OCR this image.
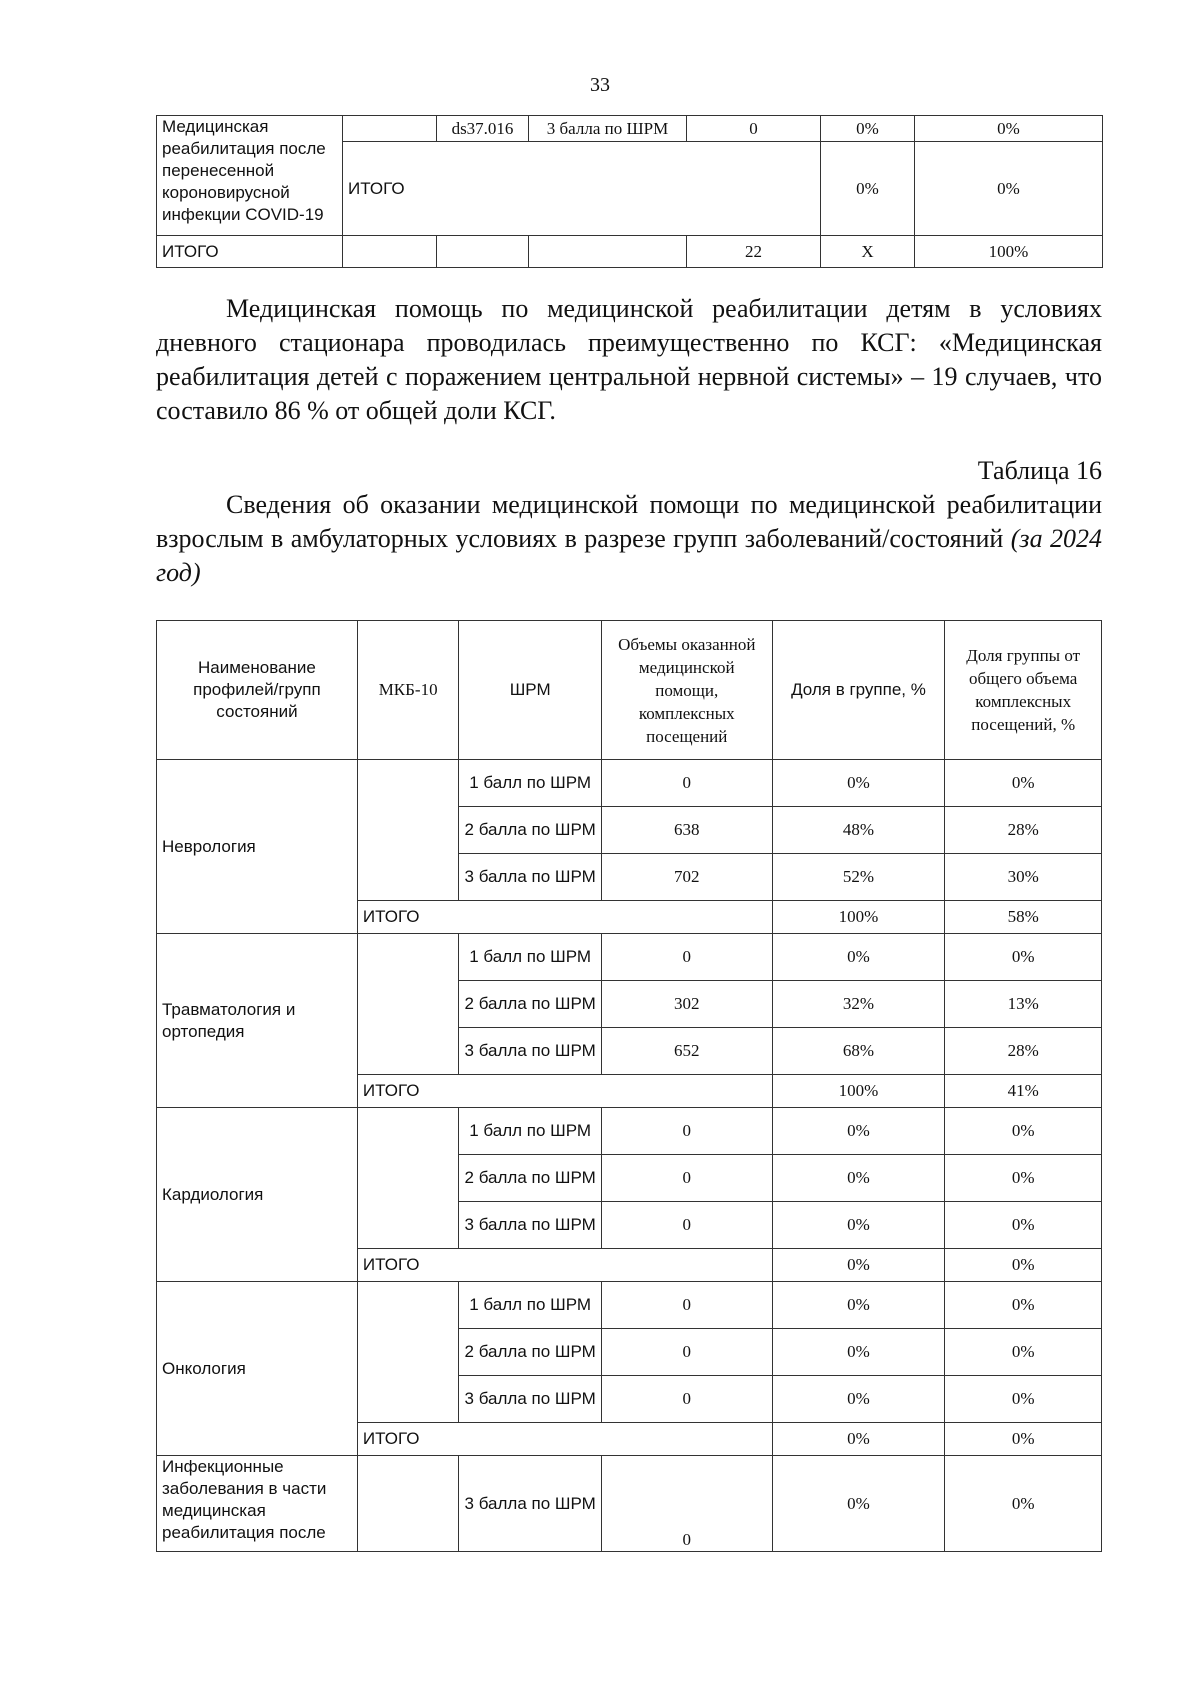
33
Медицинская реабилитация после перенесенной короновирусной инфекции COVID-19		ds37.016	3 балла по ШРМ	0	0%	0%
	ИТОГО				0%	0%
ИТОГО				22	Х	100%
Медицинская помощь по медицинской реабилитации детям в условиях дневного стационара проводилась преимущественно по КСГ: «Медицинская реабилитация детей с поражением центральной нервной системы» – 19 случаев, что составило 86 % от общей доли КСГ.
Таблица 16
Сведения об оказании медицинской помощи по медицинской реабилитации взрослым в амбулаторных условиях в разрезе групп заболеваний/состояний (за 2024 год)
Наименование профилей/групп состояний	МКБ-10	ШРМ	Объемы оказанной медицинской помощи, комплексных посещений	Доля в группе, %	Доля группы от общего объема комплексных посещений, %
Неврология		1 балл по ШРМ	0	0%	0%
		2 балла по ШРМ	638	48%	28%
		3 балла по ШРМ	702	52%	30%
	ИТОГО			100%	58%
Травматология и ортопедия		1 балл по ШРМ	0	0%	0%
		2 балла по ШРМ	302	32%	13%
		3 балла по ШРМ	652	68%	28%
	ИТОГО			100%	41%
Кардиология		1 балл по ШРМ	0	0%	0%
		2 балла по ШРМ	0	0%	0%
		3 балла по ШРМ	0	0%	0%
	ИТОГО			0%	0%
Онкология		1 балл по ШРМ	0	0%	0%
		2 балла по ШРМ	0	0%	0%
		3 балла по ШРМ	0	0%	0%
	ИТОГО			0%	0%
Инфекционные заболевания в части медицинская реабилитация после		3 балла по ШРМ	0	0%	0%
